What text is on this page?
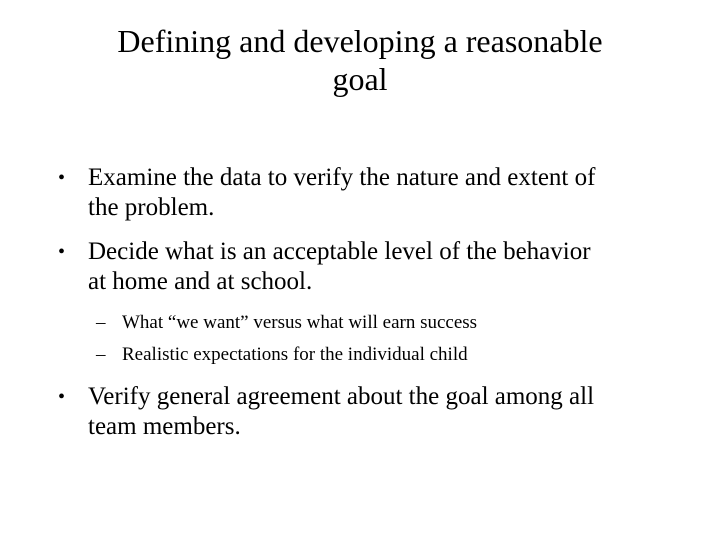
Defining and developing a reasonable
goal
• Examine the data to verify the nature and extent of
the problem.
• Decide what is an acceptable level of the behavior
at home and at school.
– What “we want” versus what will earn success
– Realistic expectations for the individual child
• Verify general agreement about the goal among all
team members.
